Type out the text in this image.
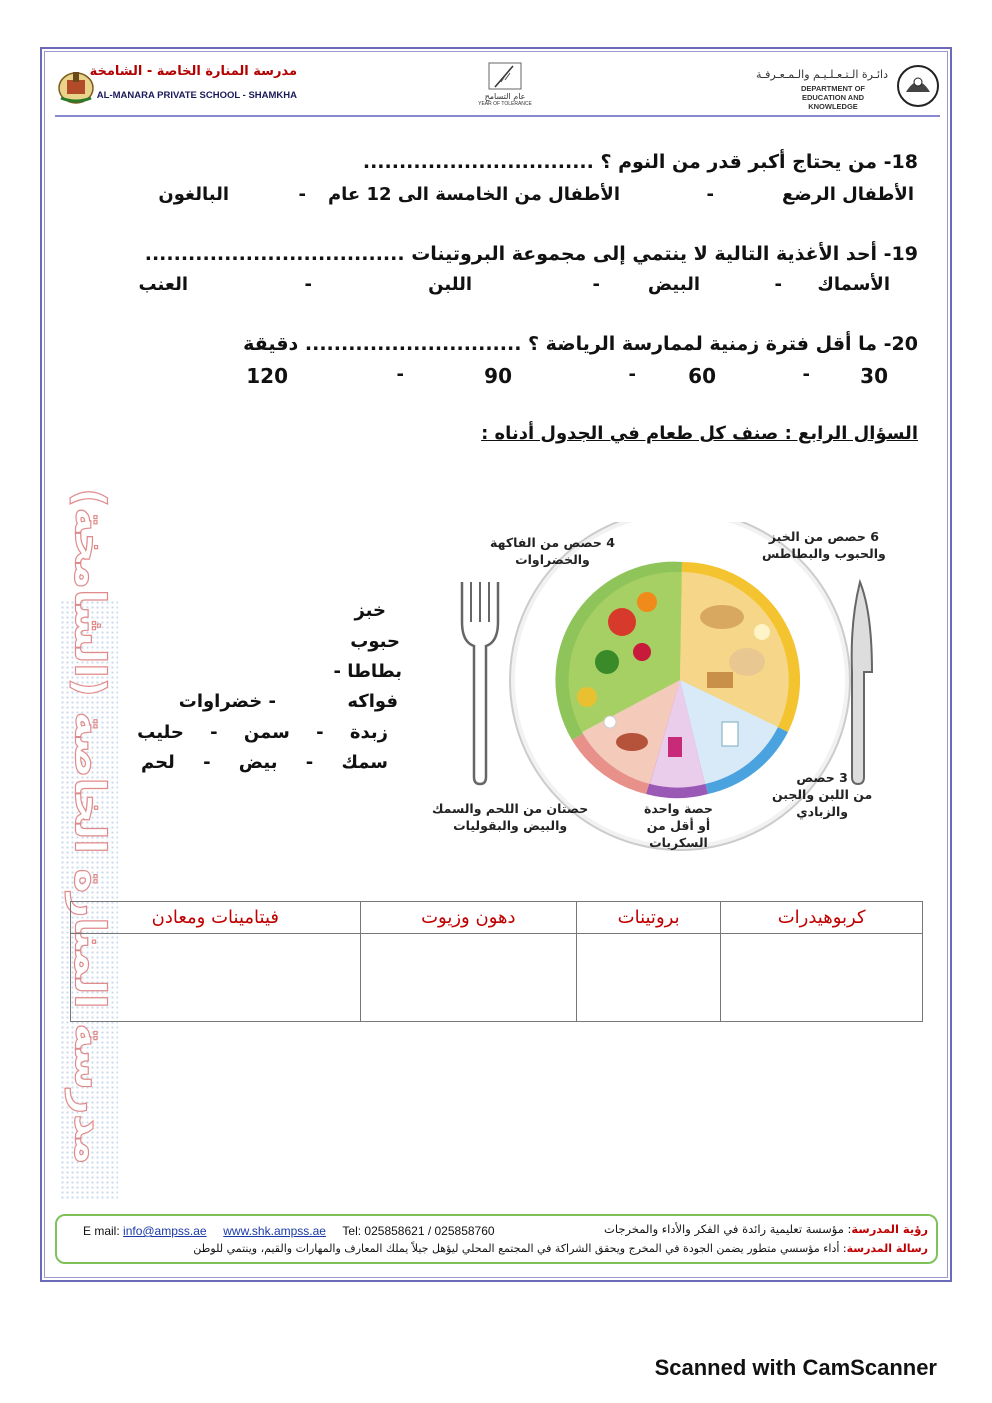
مدرسة المنارة الخاصة - الشامخة
AL-MANARA PRIVATE SCHOOL - SHAMKHA	عام التسامح
YEAR OF TOLERANCE
دائـرة الـتـعـلـيـم والـمـعـرفـة
DEPARTMENT OF EDUCATION AND KNOWLEDGE
18- من يحتاج أكبر قدر من النوم ؟ ................................
الأطفال الرضع
-
الأطفال من الخامسة الى 12 عام
-
البالغون
19- أحد الأغذية التالية لا ينتمي إلى مجموعة البروتينات ....................................
الأسماك
-
البيض
-
اللبن
-
العنب
20- ما أقل فترة زمنية لممارسة الرياضة ؟ .............................. دقيقة
30
-
60
-
90
-
120
السؤال الرابع : صنف كل طعام في الجدول أدناه :
مدرسة المنارة الخاصة (الشامخة)	خبز
حبوب
بطاطا -
فواكه
- خضراوات
زبدة - سمن - حليب
سمك - بيض - لحم
4 حصص من الفاكهة
والخضراوات
6 حصص من الخبز
والحبوب والبطاطس
3 حصص
من اللبن والجبن
والزبادي
حصة واحدة
أو أقل من
السكريات
حصتان من اللحم والسمك
والبيض والبقوليات
كربوهيدرات	بروتينات	دهون وزيوت	فيتامينات ومعادن

رؤية المدرسة: مؤسسة تعليمية رائدة في الفكر والأداء والمخرجات
E mail: info@ampss.ae www.shk.ampss.ae Tel: 025858621 / 025858760
رسالة المدرسة: أداء مؤسسي متطور يضمن الجودة في المخرج ويحقق الشراكة في المجتمع المحلي ليؤهل جيلاً يملك المعارف والمهارات والقيم، وينتمي للوطن
Scanned with CamScanner
